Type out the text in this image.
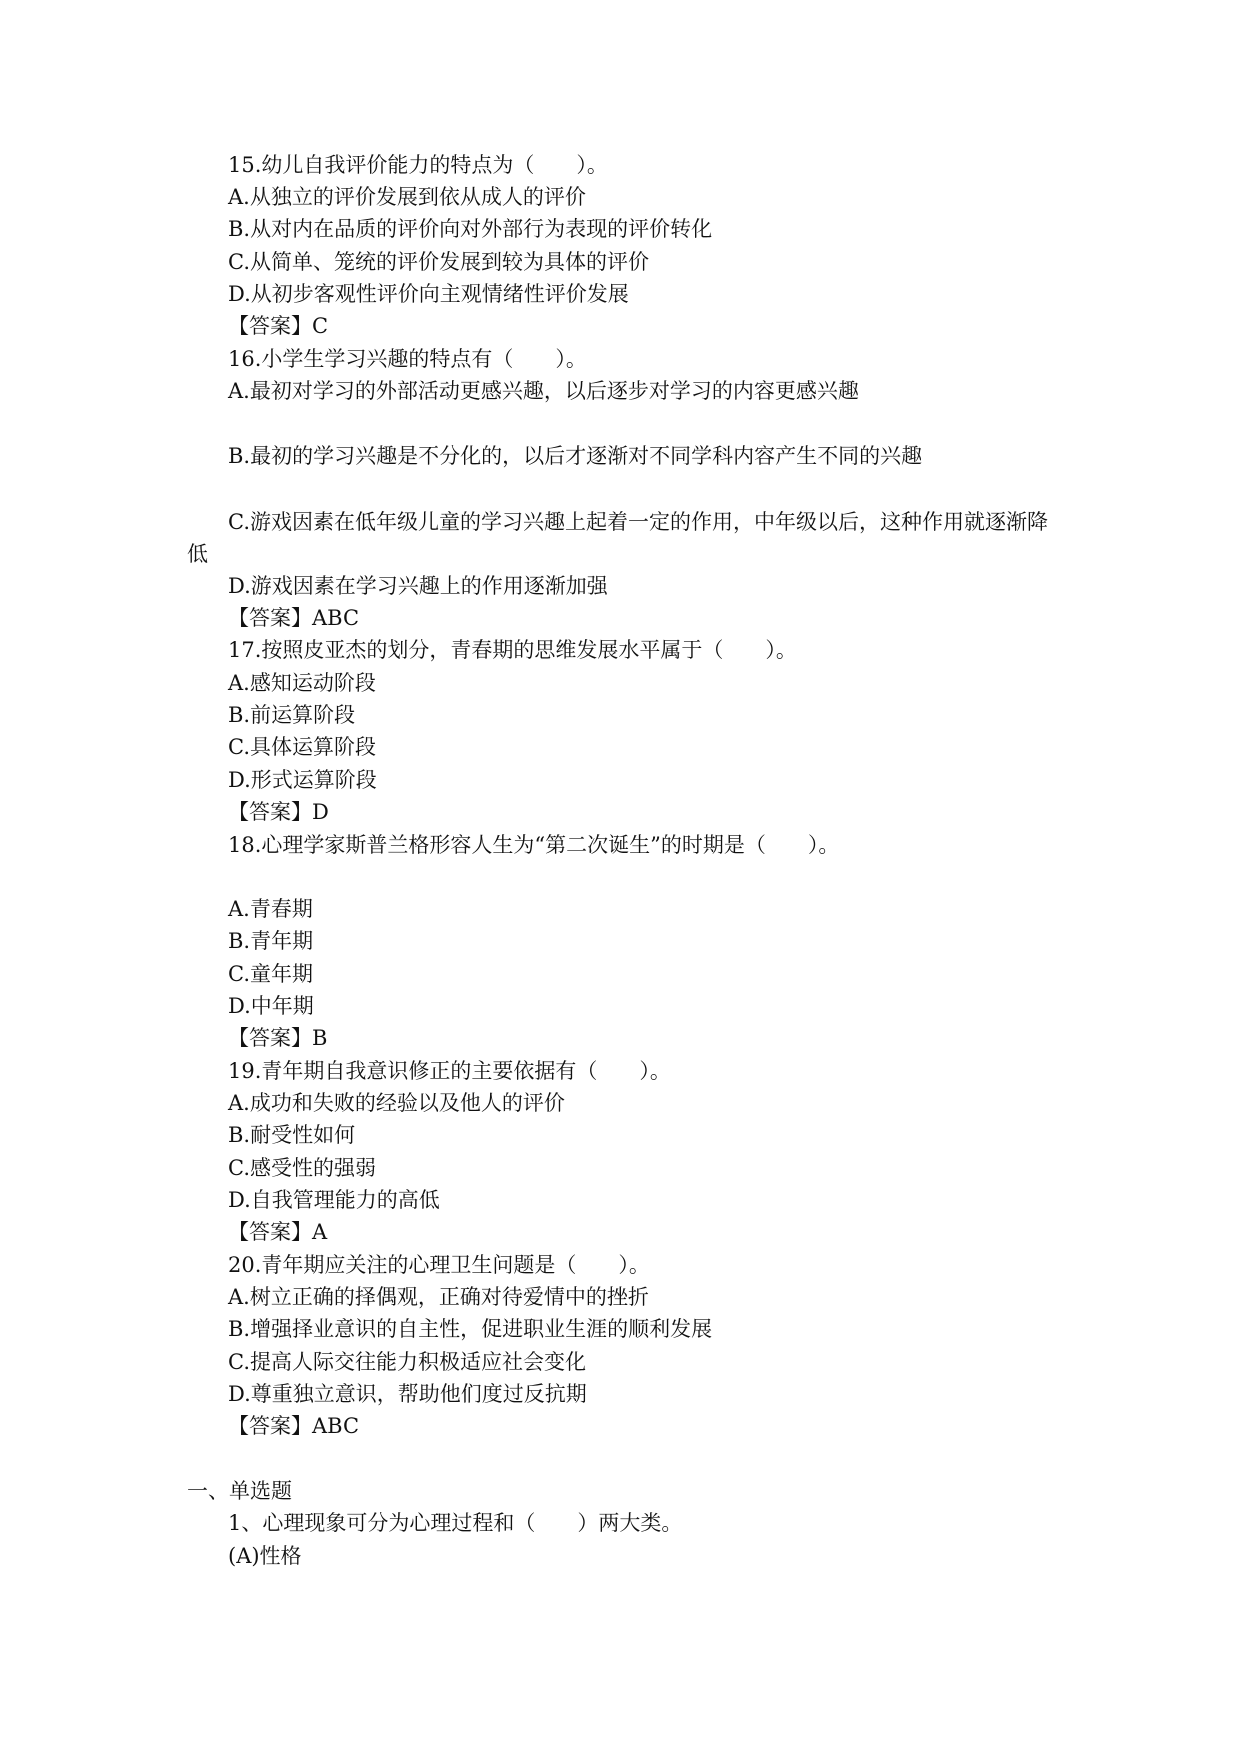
15.幼儿自我评价能力的特点为（　　）。
A.从独立的评价发展到依从成人的评价
B.从对内在品质的评价向对外部行为表现的评价转化
C.从简单、笼统的评价发展到较为具体的评价
D.从初步客观性评价向主观情绪性评价发展
【答案】C
16.小学生学习兴趣的特点有（　　）。
A.最初对学习的外部活动更感兴趣，以后逐步对学习的内容更感兴趣
B.最初的学习兴趣是不分化的，以后才逐渐对不同学科内容产生不同的兴趣
C.游戏因素在低年级儿童的学习兴趣上起着一定的作用，中年级以后，这种作用就逐渐降低
D.游戏因素在学习兴趣上的作用逐渐加强
【答案】ABC
17.按照皮亚杰的划分，青春期的思维发展水平属于（　　）。
A.感知运动阶段
B.前运算阶段
C.具体运算阶段
D.形式运算阶段
【答案】D
18.心理学家斯普兰格形容人生为“第二次诞生”的时期是（　　）。
A.青春期
B.青年期
C.童年期
D.中年期
【答案】B
19.青年期自我意识修正的主要依据有（　　）。
A.成功和失败的经验以及他人的评价
B.耐受性如何
C.感受性的强弱
D.自我管理能力的高低
【答案】A
20.青年期应关注的心理卫生问题是（　　）。
A.树立正确的择偶观，正确对待爱情中的挫折
B.增强择业意识的自主性，促进职业生涯的顺利发展
C.提高人际交往能力积极适应社会变化
D.尊重独立意识，帮助他们度过反抗期
【答案】ABC
一、单选题
1、心理现象可分为心理过程和（　　）两大类。
(A)性格
